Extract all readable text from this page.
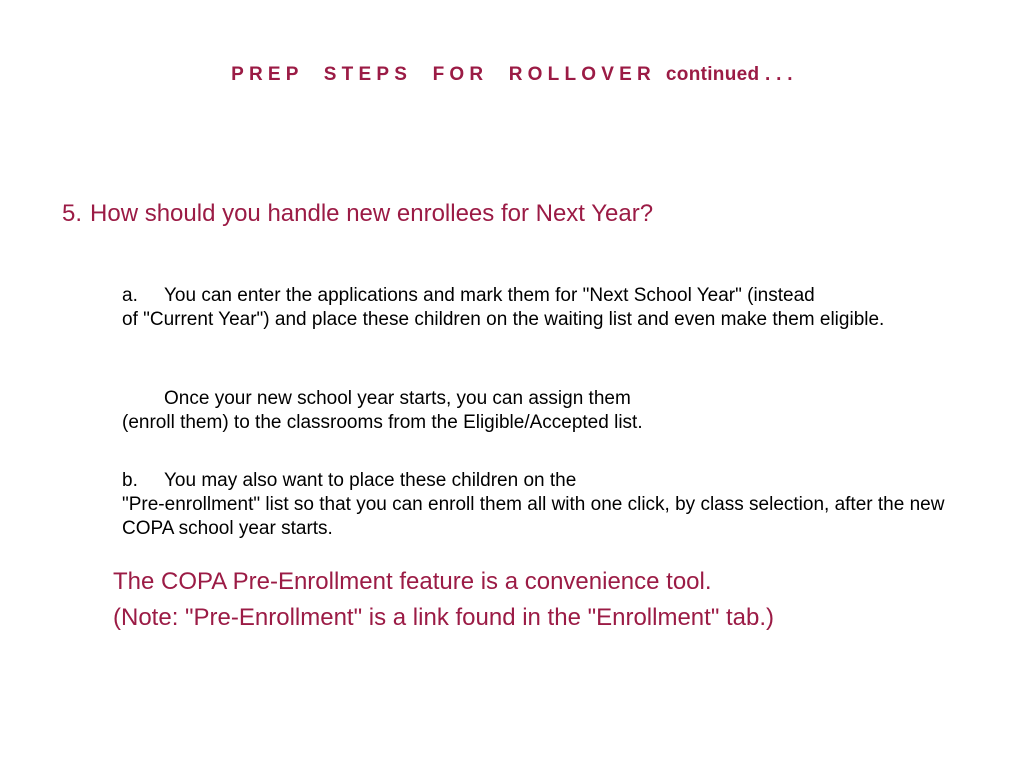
PREP STEPS FOR ROLLOVER continued . . .
5. How should you handle new enrollees for Next Year?
a. You can enter the applications and mark them for "Next School Year" (instead
of "Current Year") and place these children on the waiting list and even make them eligible.
Once your new school year starts, you can assign them
(enroll them) to the classrooms from the Eligible/Accepted list.
b. You may also want to place these children on the
"Pre-enrollment" list so that you can enroll them all with one click, by class selection, after the new COPA school year starts.
The COPA Pre-Enrollment feature is a convenience tool.
(Note: "Pre-Enrollment" is a link found in the "Enrollment" tab.)
